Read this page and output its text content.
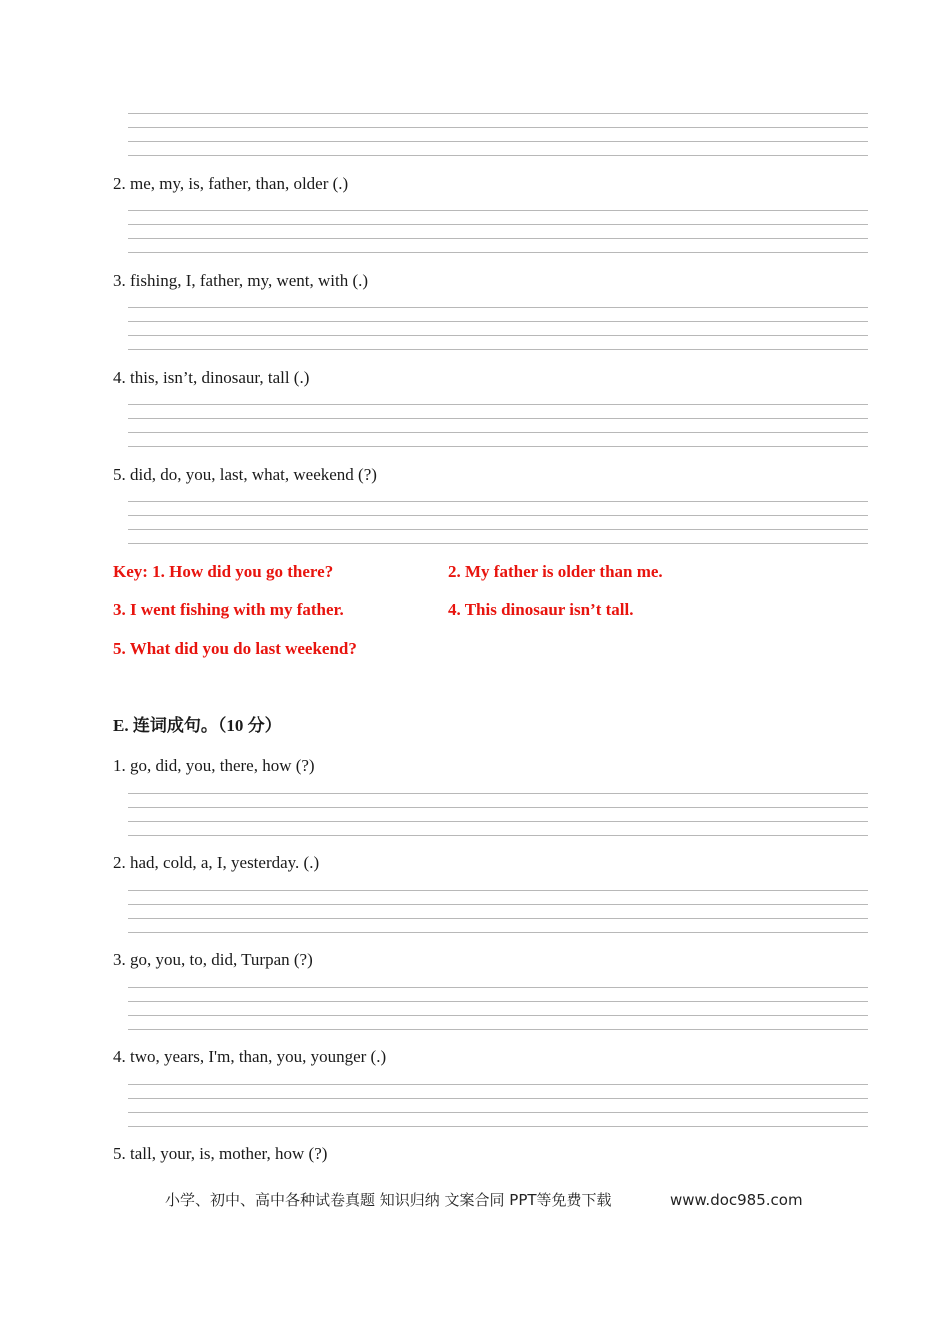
2. me, my, is, father, than, older (.)
3. fishing, I, father, my, went, with (.)
4. this, isn’t, dinosaur, tall (.)
5. did, do, you, last, what, weekend (?)
Key: 1. How did you go there?	2. My father is older than me.
3. I went fishing with my father.	4. This dinosaur isn’t tall.
5. What did you do last weekend?
E. 连词成句。（10 分）
1. go, did, you, there, how (?)
2. had, cold, a, I, yesterday. (.)
3. go, you, to, did, Turpan (?)
4. two, years, I'm, than, you, younger (.)
5. tall, your, is, mother, how (?)
小学、初中、高中各种试卷真题 知识归纳 文案合同 PPT等免费下载	www.doc985.com
